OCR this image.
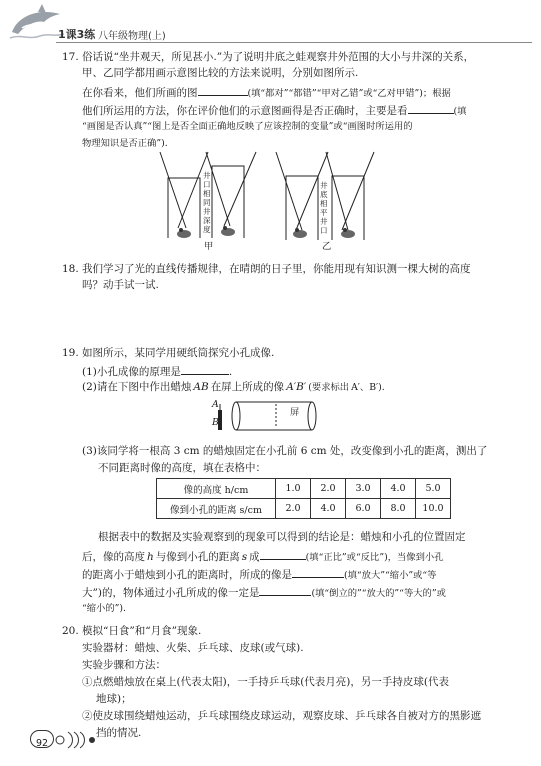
1课3练 八年级物理(上)
17. 俗话说“坐井观天，所见甚小.”为了说明井底之蛙观察井外范围的大小与井深的关系，
甲、乙同学都用画示意图比较的方法来说明，分别如图所示.
在你看来，他们所画的图	(填“都对”“都错”“甲对乙错”或“乙对甲错”)；根据
他们所运用的方法，你在评价他们的示意图画得是否正确时，主要是看	(填
“画图是否认真”“图上是否全面正确地反映了应该控制的变量”或“画图时所运用的
物理知识是否正确”).
井
口
相
同
井
深
度
甲
井
底
相
平
井
口
乙
18. 我们学习了光的直线传播规律，在晴朗的日子里，你能用现有知识测一棵大树的高度
吗？动手试一试.
19. 如图所示，某同学用硬纸筒探究小孔成像.
(1)小孔成像的原理是	.
(2)请在下图中作出蜡烛 AB 在屏上所成的像 A′B′ (要求标出 A′、B′).
A
B
屏
(3)该同学将一根高 3 cm 的蜡烛固定在小孔前 6 cm 处，改变像到小孔的距离，测出了
不同距离时像的高度，填在表格中：
像的高度 h/cm	1.0	2.0	3.0	4.0	5.0
像到小孔的距离 s/cm	2.0	4.0	6.0	8.0	10.0
根据表中的数据及实验观察到的现象可以得到的结论是：蜡烛和小孔的位置固定
后，像的高度 h 与像到小孔的距离 s 成	(填“正比”或“反比”)，当像到小孔
的距离小于蜡烛到小孔的距离时，所成的像是	(填“放大”“缩小”或“等
大”)的，物体通过小孔所成的像一定是	(填“倒立的”“放大的”“等大的”或
“缩小的”).
20. 模拟“日食”和“月食”现象.
实验器材：蜡烛、火柴、乒乓球、皮球(或气球).
实验步骤和方法：
①点燃蜡烛放在桌上(代表太阳)，一手持乒乓球(代表月亮)，另一手持皮球(代表
地球)；
②使皮球围绕蜡烛运动，乒乓球围绕皮球运动，观察皮球、乒乓球各自被对方的黑影遮
挡的情况.
92
